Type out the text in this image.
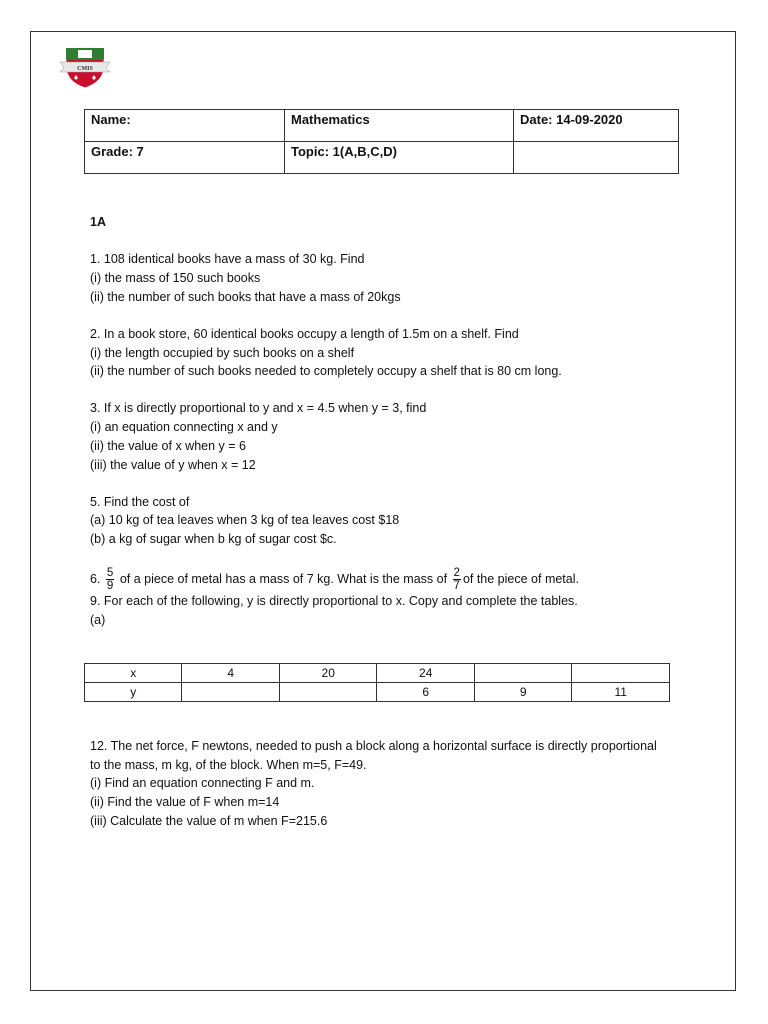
CMIS
Name:	Mathematics	Date: 14-09-2020
Grade: 7	Topic: 1(A,B,C,D)	

1A

1. 108 identical books have a mass of 30 kg. Find

(i) the mass of 150 such books

(ii) the number of such books that have a mass of 20kgs

2. In a book store, 60 identical books occupy a length of 1.5m on a shelf. Find

(i) the length occupied by such books on a shelf

(ii) the number of such books needed to completely occupy a shelf that is 80 cm long.

3. If x is directly proportional to y and x = 4.5 when y = 3, find

(i) an equation connecting x and y

(ii) the value of x when y = 6

(iii) the value of y when x = 12

5. Find the cost of

(a) 10 kg of tea leaves when 3 kg of tea leaves cost $18

(b) a kg of sugar when b kg of sugar cost $c.

6. $\frac{5}{9}$ of a piece of metal has a mass of 7 kg. What is the mass of $\frac{2}{7}$ of the piece of metal.

9. For each of the following, y is directly proportional to x. Copy and complete the tables.

(a)

x	4	20	24		
y			6	9	11

12. The net force, F newtons, needed to push a block along a horizontal surface is directly proportional

to the mass, m kg, of the block. When m=5, F=49.

(i) Find an equation connecting F and m.

(ii) Find the value of F when m=14

(iii) Calculate the value of m when F=215.6
